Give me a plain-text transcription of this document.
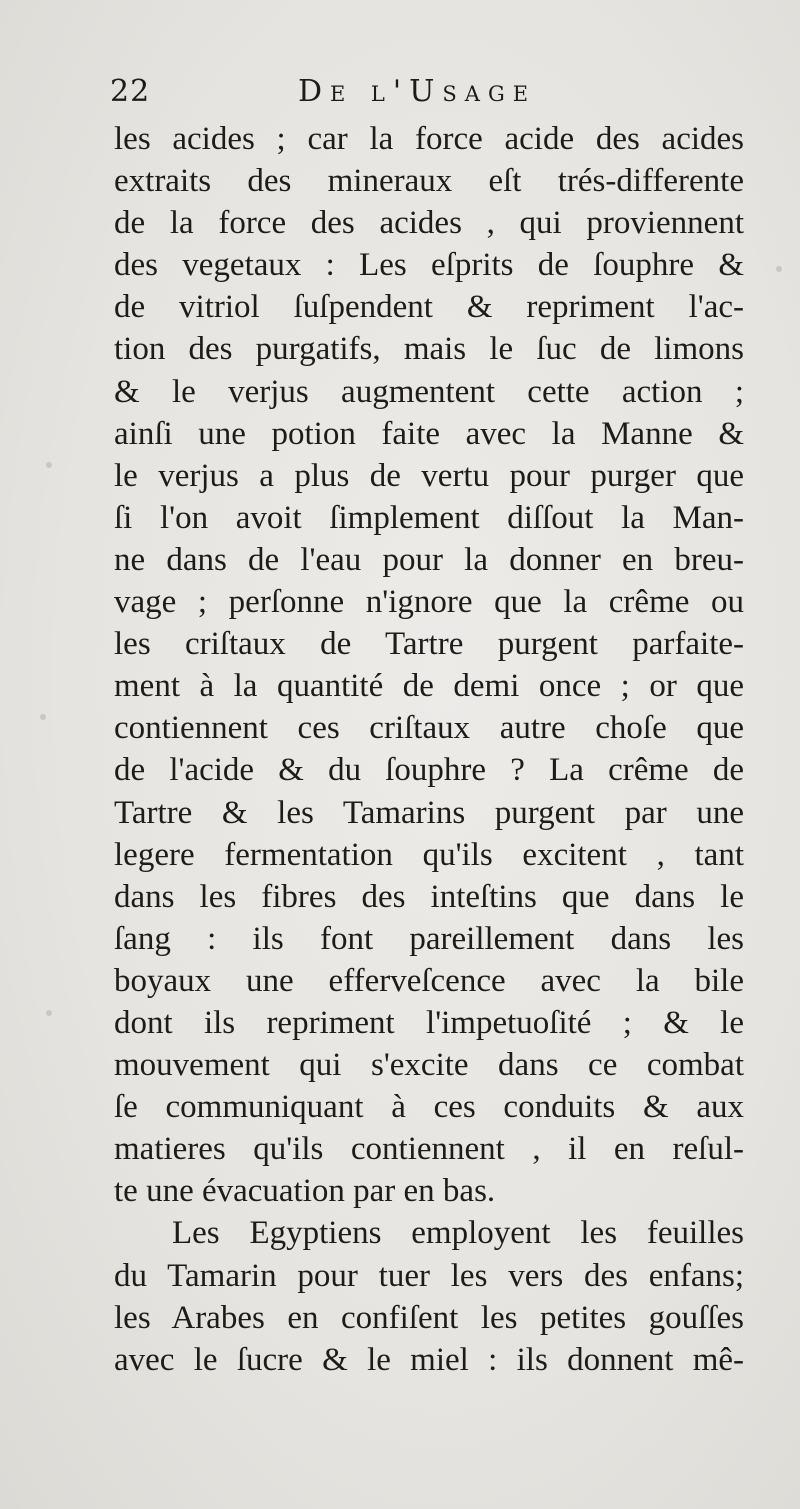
22	De l'Usage
les acides ; car la force acide des acides
extraits des mineraux eſt trés-differente
de la force des acides , qui proviennent
des vegetaux : Les eſprits de ſouphre &
de vitriol ſuſpendent & repriment l'ac-
tion des purgatifs, mais le ſuc de limons
& le verjus augmentent cette action ;
ainſi une potion faite avec la Manne &
le verjus a plus de vertu pour purger que
ſi l'on avoit ſimplement diſſout la Man-
ne dans de l'eau pour la donner en breu-
vage ; perſonne n'ignore que la crême ou
les criſtaux de Tartre purgent parfaite-
ment à la quantité de demi once ; or que
contiennent ces criſtaux autre choſe que
de l'acide & du ſouphre ? La crême de
Tartre & les Tamarins purgent par une
legere fermentation qu'ils excitent , tant
dans les fibres des inteſtins que dans le
ſang : ils font pareillement dans les
boyaux une efferveſcence avec la bile
dont ils repriment l'impetuoſité ; & le
mouvement qui s'excite dans ce combat
ſe communiquant à ces conduits & aux
matieres qu'ils contiennent , il en reſul-
te une évacuation par en bas.
Les Egyptiens employent les feuilles
du Tamarin pour tuer les vers des enfans;
les Arabes en confiſent les petites gouſſes
avec le ſucre & le miel : ils donnent mê-
